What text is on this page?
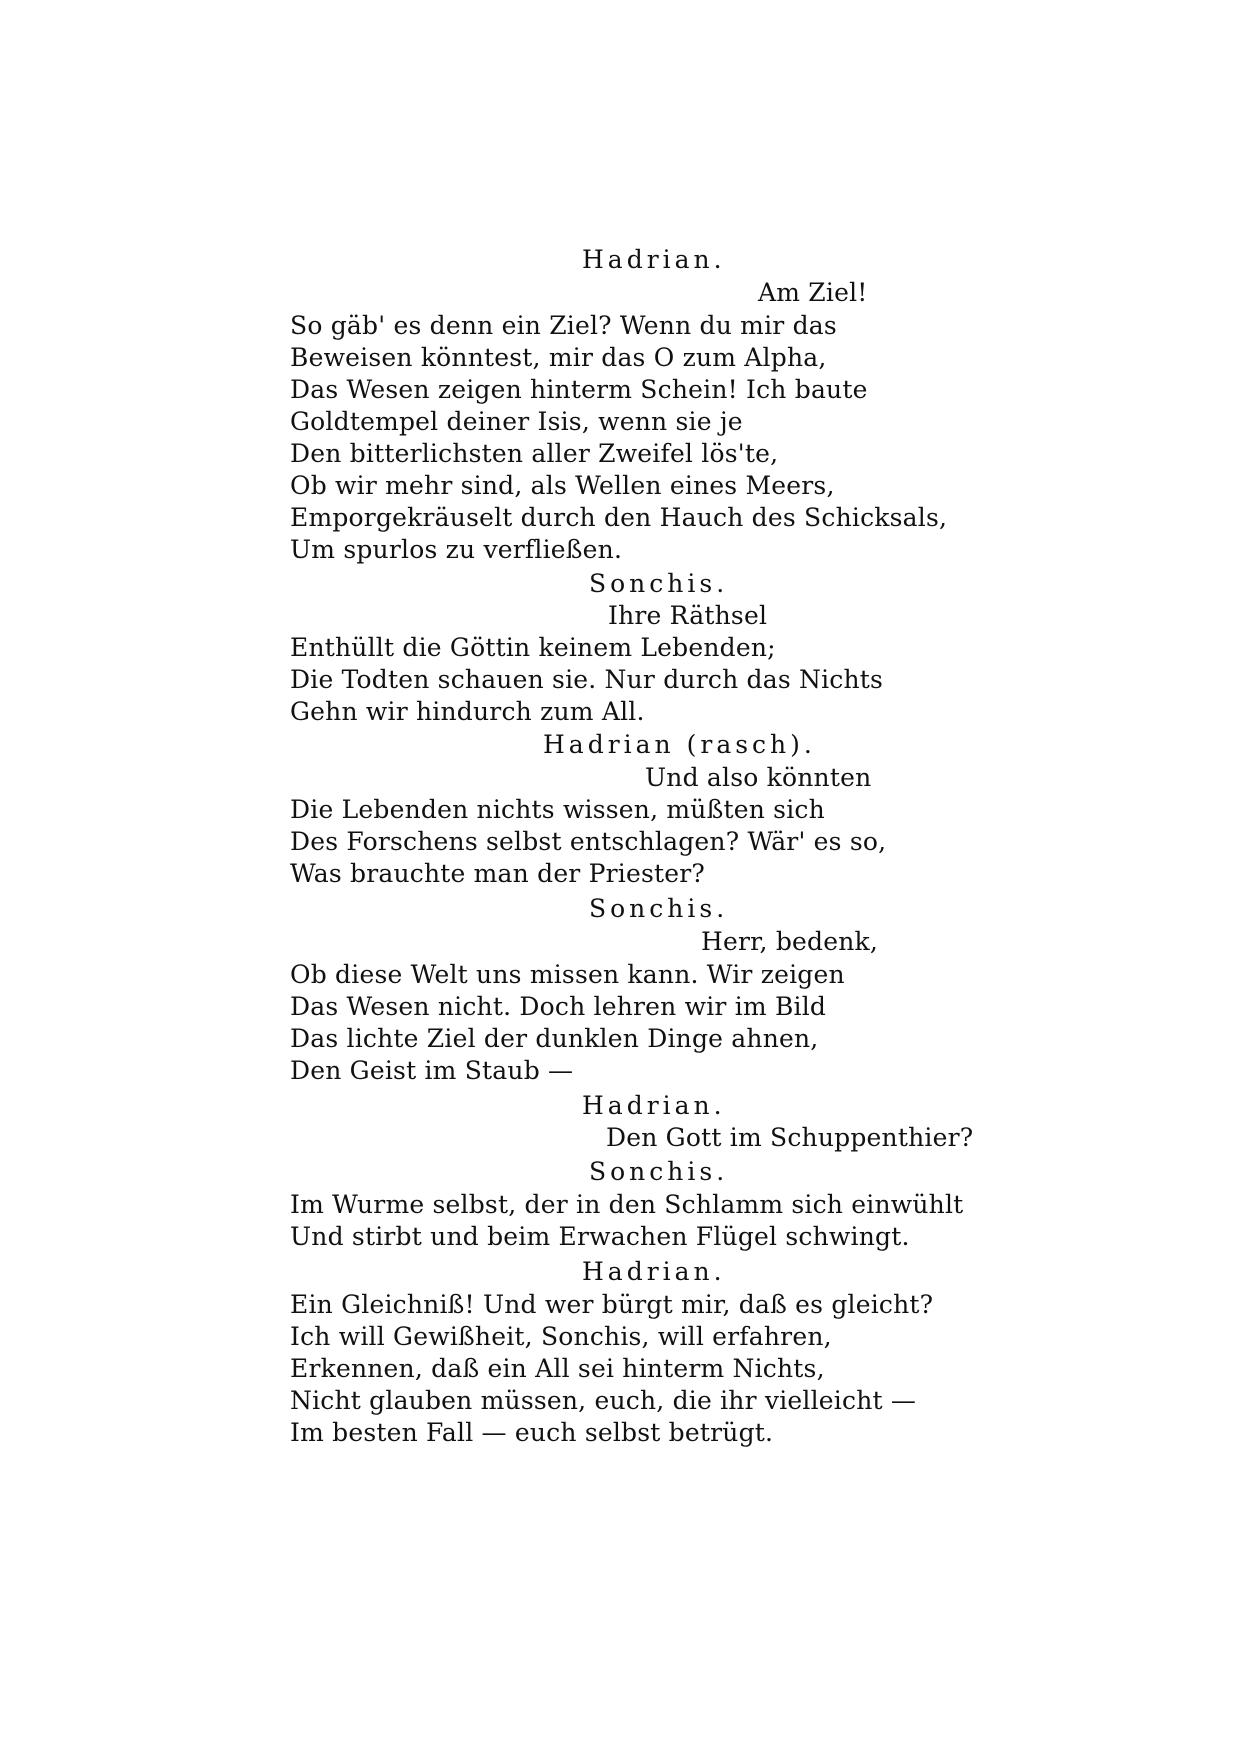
Hadrian.
Am Ziel!
So gäb' es denn ein Ziel? Wenn du mir das
Beweisen könntest, mir das O zum Alpha,
Das Wesen zeigen hinterm Schein! Ich baute
Goldtempel deiner Isis, wenn sie je
Den bitterlichsten aller Zweifel lös'te,
Ob wir mehr sind, als Wellen eines Meers,
Emporgekräuselt durch den Hauch des Schicksals,
Um spurlos zu verfließen.
Sonchis.
Ihre Räthsel
Enthüllt die Göttin keinem Lebenden;
Die Todten schauen sie. Nur durch das Nichts
Gehn wir hindurch zum All.
Hadrian (rasch).
Und also könnten
Die Lebenden nichts wissen, müßten sich
Des Forschens selbst entschlagen? Wär' es so,
Was brauchte man der Priester?
Sonchis.
Herr, bedenk,
Ob diese Welt uns missen kann. Wir zeigen
Das Wesen nicht. Doch lehren wir im Bild
Das lichte Ziel der dunklen Dinge ahnen,
Den Geist im Staub —
Hadrian.
Den Gott im Schuppenthier?
Sonchis.
Im Wurme selbst, der in den Schlamm sich einwühlt
Und stirbt und beim Erwachen Flügel schwingt.
Hadrian.
Ein Gleichniß! Und wer bürgt mir, daß es gleicht?
Ich will Gewißheit, Sonchis, will erfahren,
Erkennen, daß ein All sei hinterm Nichts,
Nicht glauben müssen, euch, die ihr vielleicht —
Im besten Fall — euch selbst betrügt.
